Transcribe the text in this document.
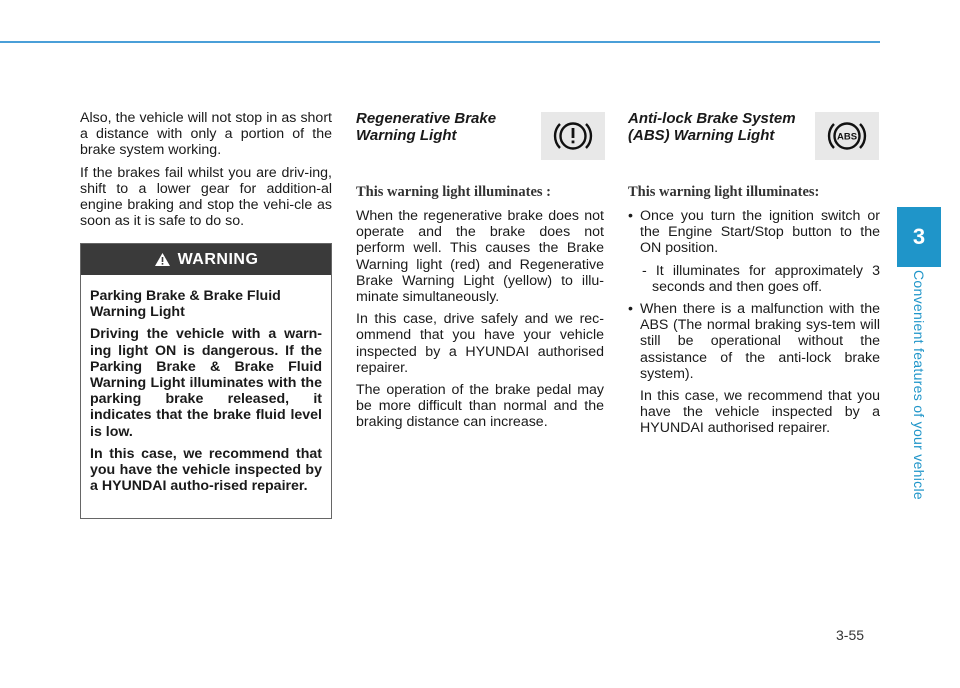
3
Convenient features of your vehicle

Also, the vehicle will not stop in as short a distance with only a portion of the brake system working.

If the brakes fail whilst you are driv-ing, shift to a lower gear for addition-al engine braking and stop the vehi-cle as soon as it is safe to do so.

WARNING

Parking Brake & Brake Fluid Warning Light

Driving the vehicle with a warn-ing light ON is dangerous. If the Parking Brake & Brake Fluid Warning Light illuminates with the parking brake released, it indicates that the brake fluid level is low.

In this case, we recommend that you have the vehicle inspected by a HYUNDAI autho-rised repairer.

Regenerative Brake
Warning Light
This warning light illuminates :

When the regenerative brake does not operate and the brake does not perform well. This causes the Brake Warning light (red) and Regenerative Brake Warning Light (yellow) to illu-minate simultaneously.

In this case, drive safely and we rec-ommend that you have your vehicle inspected by a HYUNDAI authorised repairer.

The operation of the brake pedal may be more difficult than normal and the braking distance can increase.

Anti-lock Brake System
(ABS) Warning Light	ABS
This warning light illuminates:
• Once you turn the ignition switch or the Engine Start/Stop button to the ON position.
- It illuminates for approximately 3 seconds and then goes off.
• When there is a malfunction with the ABS (The normal braking sys-tem will still be operational without the assistance of the anti-lock brake system).
In this case, we recommend that you have the vehicle inspected by a HYUNDAI authorised repairer.
3-55
